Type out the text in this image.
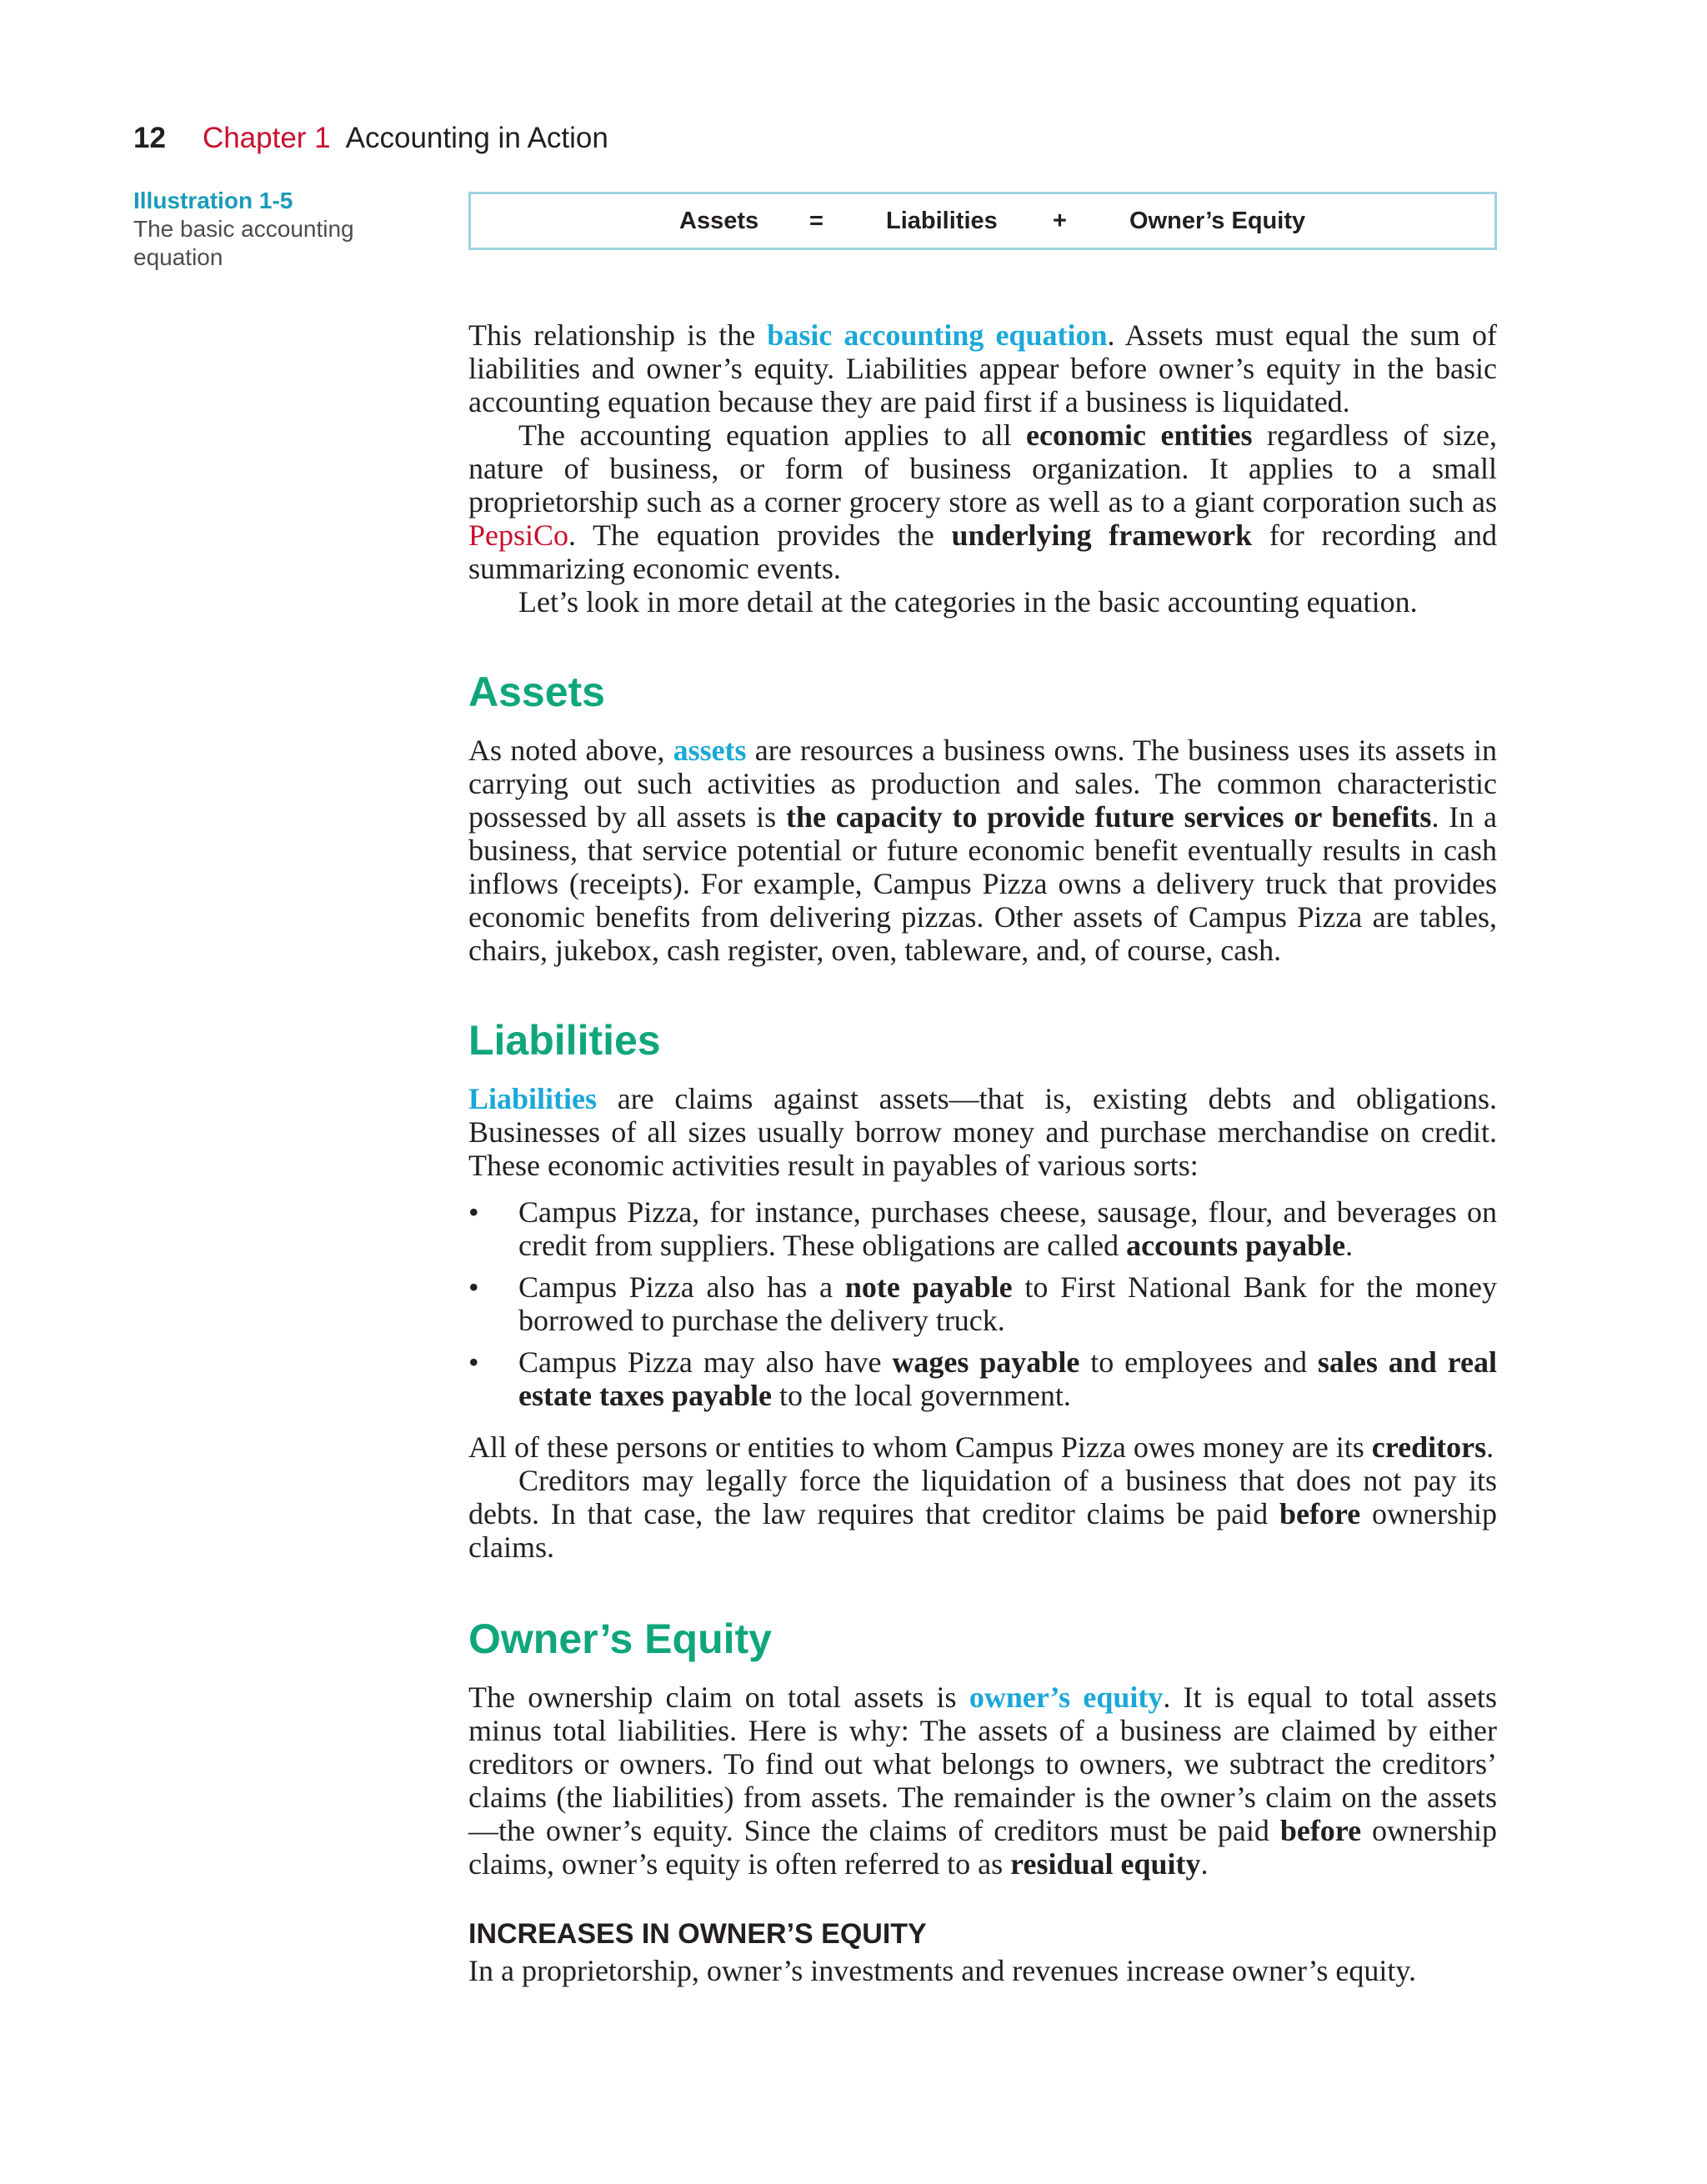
12 Chapter 1 Accounting in Action
Illustration 1-5
The basic accounting equation
Assets =	Liabilities +	Owner’s Equity

This relationship is the basic accounting equation. Assets must equal the sum of liabilities and owner’s equity. Liabilities appear before owner’s equity in the basic accounting equation because they are paid first if a business is liquidated.

The accounting equation applies to all economic entities regardless of size, nature of business, or form of business organization. It applies to a small proprietorship such as a corner grocery store as well as to a giant corporation such as PepsiCo. The equation provides the underlying framework for recording and summarizing economic events.

Let’s look in more detail at the categories in the basic accounting equation.

Assets

As noted above, assets are resources a business owns. The business uses its assets in carrying out such activities as production and sales. The common characteristic possessed by all assets is the capacity to provide future services or benefits. In a business, that service potential or future economic benefit eventually results in cash inflows (receipts). For example, Campus Pizza owns a delivery truck that provides economic benefits from delivering pizzas. Other assets of Campus Pizza are tables, chairs, jukebox, cash register, oven, tableware, and, of course, cash.

Liabilities

Liabilities are claims against assets—that is, existing debts and obligations. Businesses of all sizes usually borrow money and purchase merchandise on credit. These economic activities result in payables of various sorts:

•	Campus Pizza, for instance, purchases cheese, sausage, flour, and beverages on credit from suppliers. These obligations are called accounts payable.
•	Campus Pizza also has a note payable to First National Bank for the money borrowed to purchase the delivery truck.
•	Campus Pizza may also have wages payable to employees and sales and real estate taxes payable to the local government.

All of these persons or entities to whom Campus Pizza owes money are its creditors.

Creditors may legally force the liquidation of a business that does not pay its debts. In that case, the law requires that creditor claims be paid before ownership claims.

Owner’s Equity

The ownership claim on total assets is owner’s equity. It is equal to total assets minus total liabilities. Here is why: The assets of a business are claimed by either creditors or owners. To find out what belongs to owners, we subtract the creditors’ claims (the liabilities) from assets. The remainder is the owner’s claim on the assets—the owner’s equity. Since the claims of creditors must be paid before ownership claims, owner’s equity is often referred to as residual equity.

INCREASES IN OWNER’S EQUITY

In a proprietorship, owner’s investments and revenues increase owner’s equity.
